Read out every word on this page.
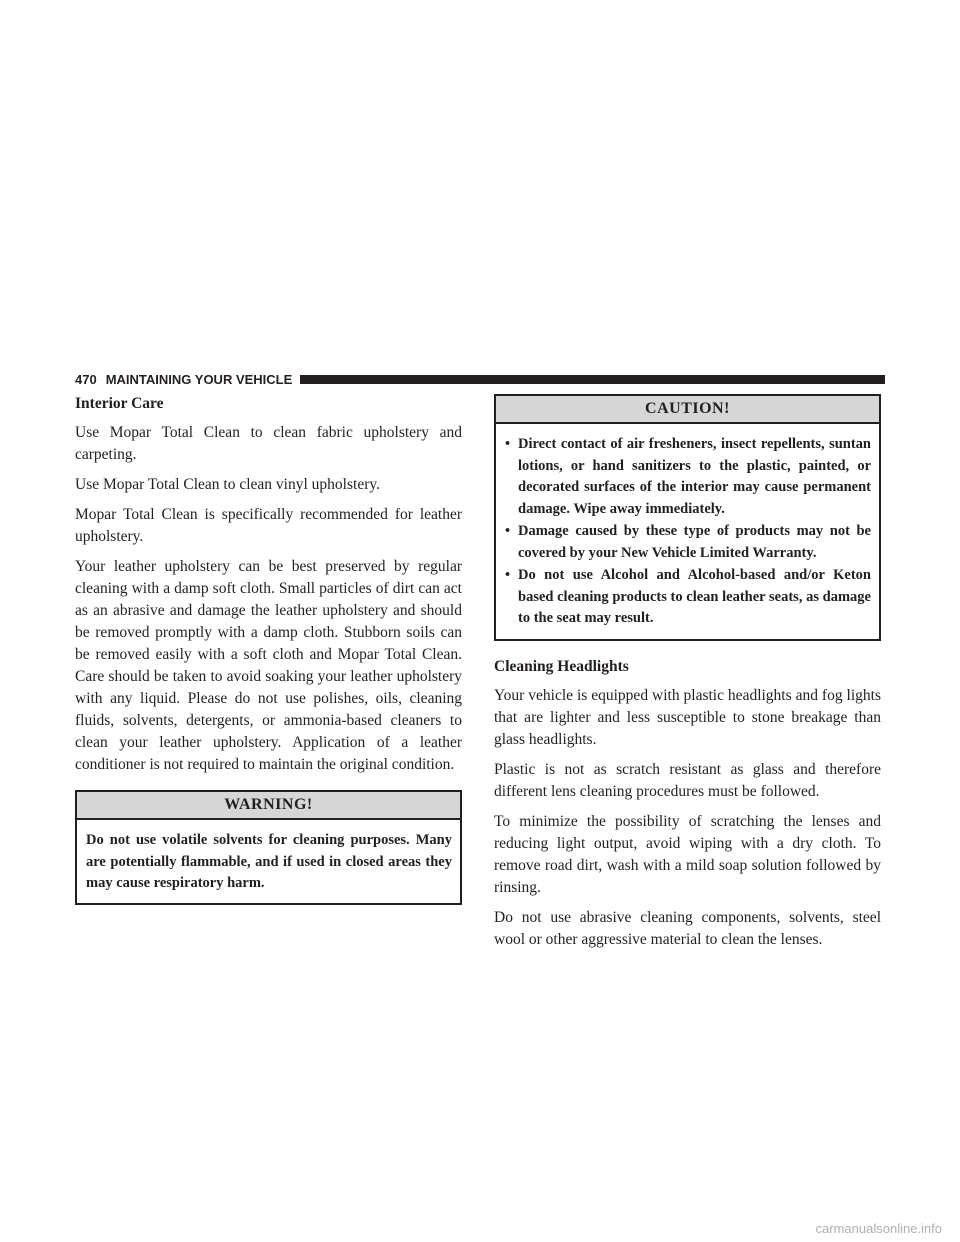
470 MAINTAINING YOUR VEHICLE
Interior Care

Use Mopar Total Clean to clean fabric upholstery and carpeting.

Use Mopar Total Clean to clean vinyl upholstery.

Mopar Total Clean is specifically recommended for leather upholstery.

Your leather upholstery can be best preserved by regular cleaning with a damp soft cloth. Small particles of dirt can act as an abrasive and damage the leather upholstery and should be removed promptly with a damp cloth. Stubborn soils can be removed easily with a soft cloth and Mopar Total Clean. Care should be taken to avoid soaking your leather upholstery with any liquid. Please do not use polishes, oils, cleaning fluids, solvents, detergents, or ammonia-based cleaners to clean your leather upholstery. Application of a leather conditioner is not required to maintain the original condition.

WARNING!
Do not use volatile solvents for cleaning purposes. Many are potentially flammable, and if used in closed areas they may cause respiratory harm.
CAUTION!
• Direct contact of air fresheners, insect repellents, suntan lotions, or hand sanitizers to the plastic, painted, or decorated surfaces of the interior may cause permanent damage. Wipe away immediately.
• Damage caused by these type of products may not be covered by your New Vehicle Limited Warranty.
• Do not use Alcohol and Alcohol-based and/or Keton based cleaning products to clean leather seats, as damage to the seat may result.
Cleaning Headlights

Your vehicle is equipped with plastic headlights and fog lights that are lighter and less susceptible to stone breakage than glass headlights.

Plastic is not as scratch resistant as glass and therefore different lens cleaning procedures must be followed.

To minimize the possibility of scratching the lenses and reducing light output, avoid wiping with a dry cloth. To remove road dirt, wash with a mild soap solution followed by rinsing.

Do not use abrasive cleaning components, solvents, steel wool or other aggressive material to clean the lenses.

carmanualsonline.info
